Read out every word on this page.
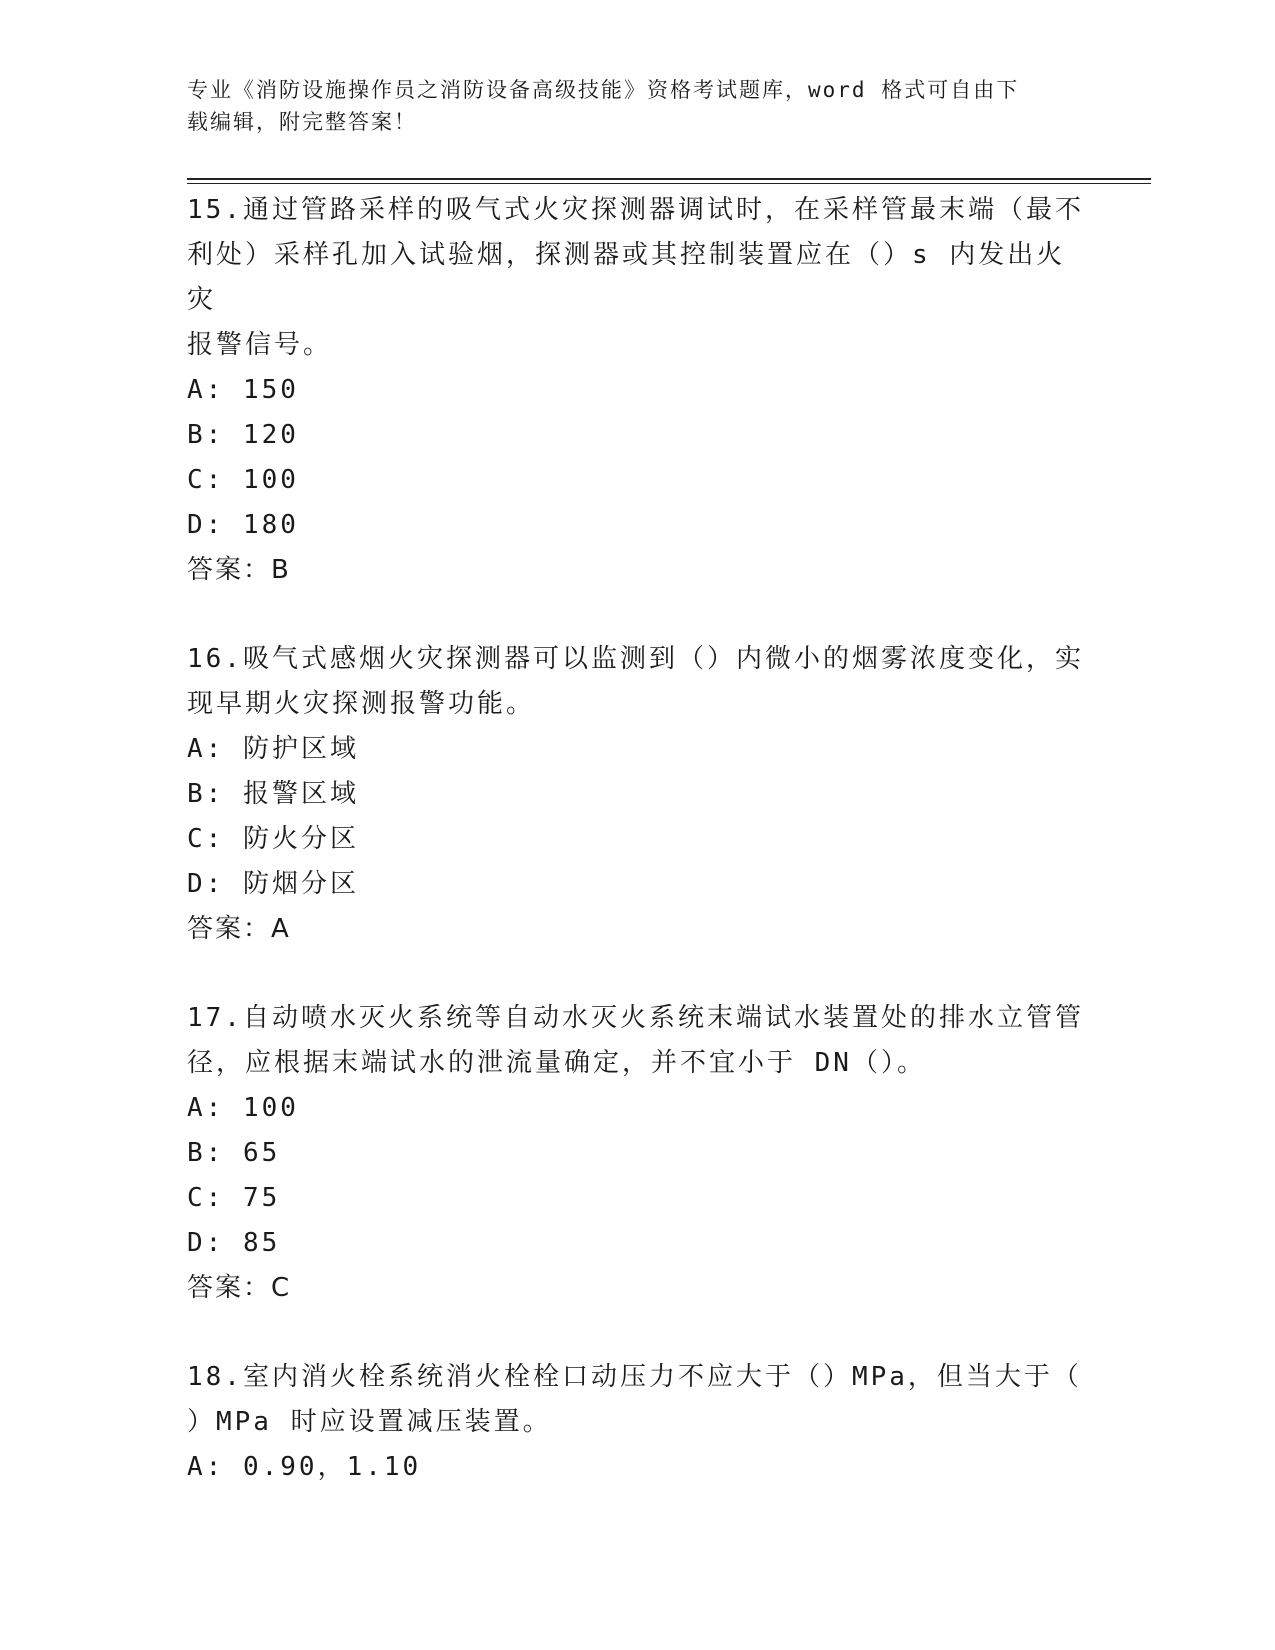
专业《消防设施操作员之消防设备高级技能》资格考试题库，word 格式可自由下
载编辑，附完整答案！
15.通过管路采样的吸气式火灾探测器调试时，在采样管最末端（最不
利处）采样孔加入试验烟，探测器或其控制装置应在（）s 内发出火灾
报警信号。
A: 150
B: 120
C: 100
D: 180
答案：B
16.吸气式感烟火灾探测器可以监测到（）内微小的烟雾浓度变化，实
现早期火灾探测报警功能。
A: 防护区域
B: 报警区域
C: 防火分区
D: 防烟分区
答案：A
17.自动喷水灭火系统等自动水灭火系统末端试水装置处的排水立管管
径，应根据末端试水的泄流量确定，并不宜小于 DN（）。
A: 100
B: 65
C: 75
D: 85
答案：C
18.室内消火栓系统消火栓栓口动压力不应大于（）MPa，但当大于（
）MPa 时应设置减压装置。
A: 0.90，1.10
